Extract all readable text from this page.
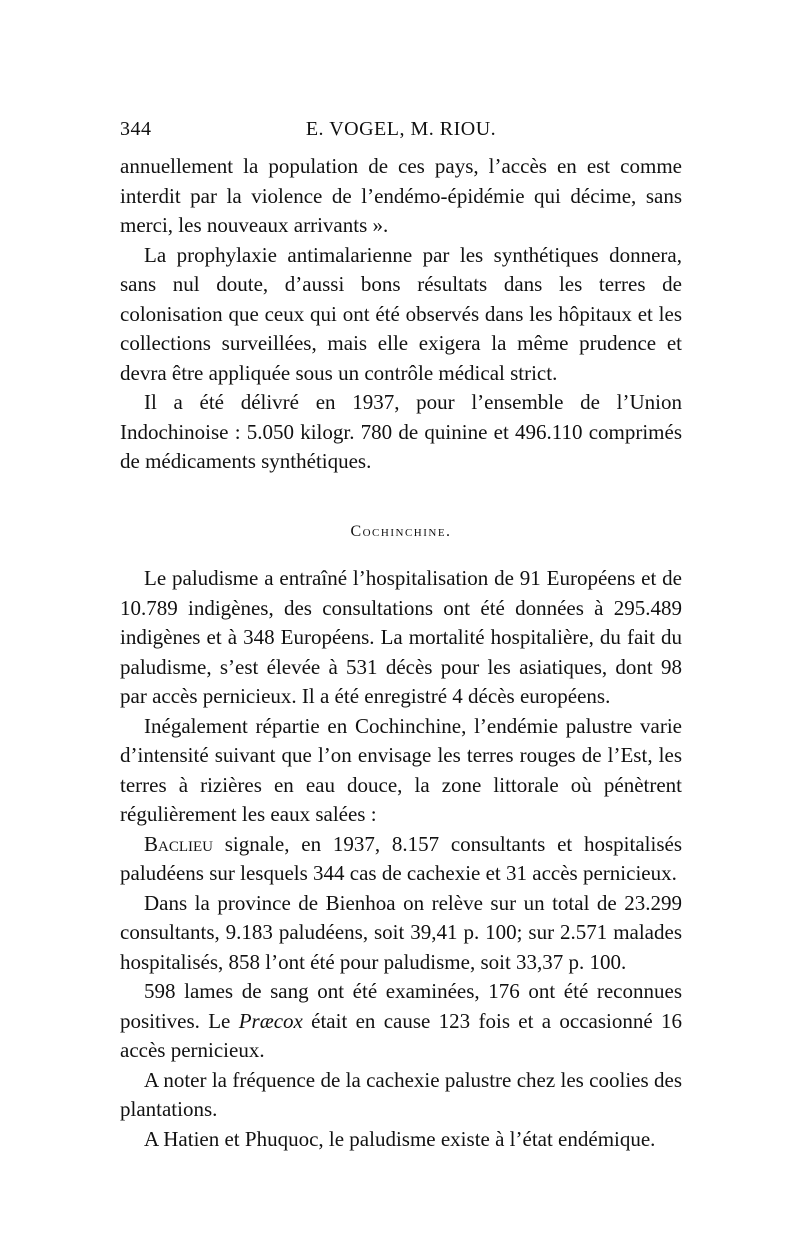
344	E. VOGEL, M. RIOU.

annuellement la population de ces pays, l’accès en est comme interdit par la violence de l’endémo-épidémie qui décime, sans merci, les nouveaux arrivants ».

La prophylaxie antimalarienne par les synthétiques donnera, sans nul doute, d’aussi bons résultats dans les terres de colonisation que ceux qui ont été observés dans les hôpitaux et les collections surveillées, mais elle exigera la même prudence et devra être appliquée sous un contrôle médical strict.

Il a été délivré en 1937, pour l’ensemble de l’Union Indochinoise : 5.050 kilogr. 780 de quinine et 496.110 comprimés de médicaments synthétiques.

Cochinchine.

Le paludisme a entraîné l’hospitalisation de 91 Européens et de 10.789 indigènes, des consultations ont été données à 295.489 indigènes et à 348 Européens. La mortalité hospitalière, du fait du paludisme, s’est élevée à 531 décès pour les asiatiques, dont 98 par accès pernicieux. Il a été enregistré 4 décès européens.

Inégalement répartie en Cochinchine, l’endémie palustre varie d’intensité suivant que l’on envisage les terres rouges de l’Est, les terres à rizières en eau douce, la zone littorale où pénètrent régulièrement les eaux salées :

Baclieu signale, en 1937, 8.157 consultants et hospitalisés paludéens sur lesquels 344 cas de cachexie et 31 accès pernicieux.

Dans la province de Bienhoa on relève sur un total de 23.299 consultants, 9.183 paludéens, soit 39,41 p. 100; sur 2.571 malades hospitalisés, 858 l’ont été pour paludisme, soit 33,37 p. 100.

598 lames de sang ont été examinées, 176 ont été reconnues positives. Le Præcox était en cause 123 fois et a occasionné 16 accès pernicieux.

A noter la fréquence de la cachexie palustre chez les coolies des plantations.

A Hatien et Phuquoc, le paludisme existe à l’état endémique.
